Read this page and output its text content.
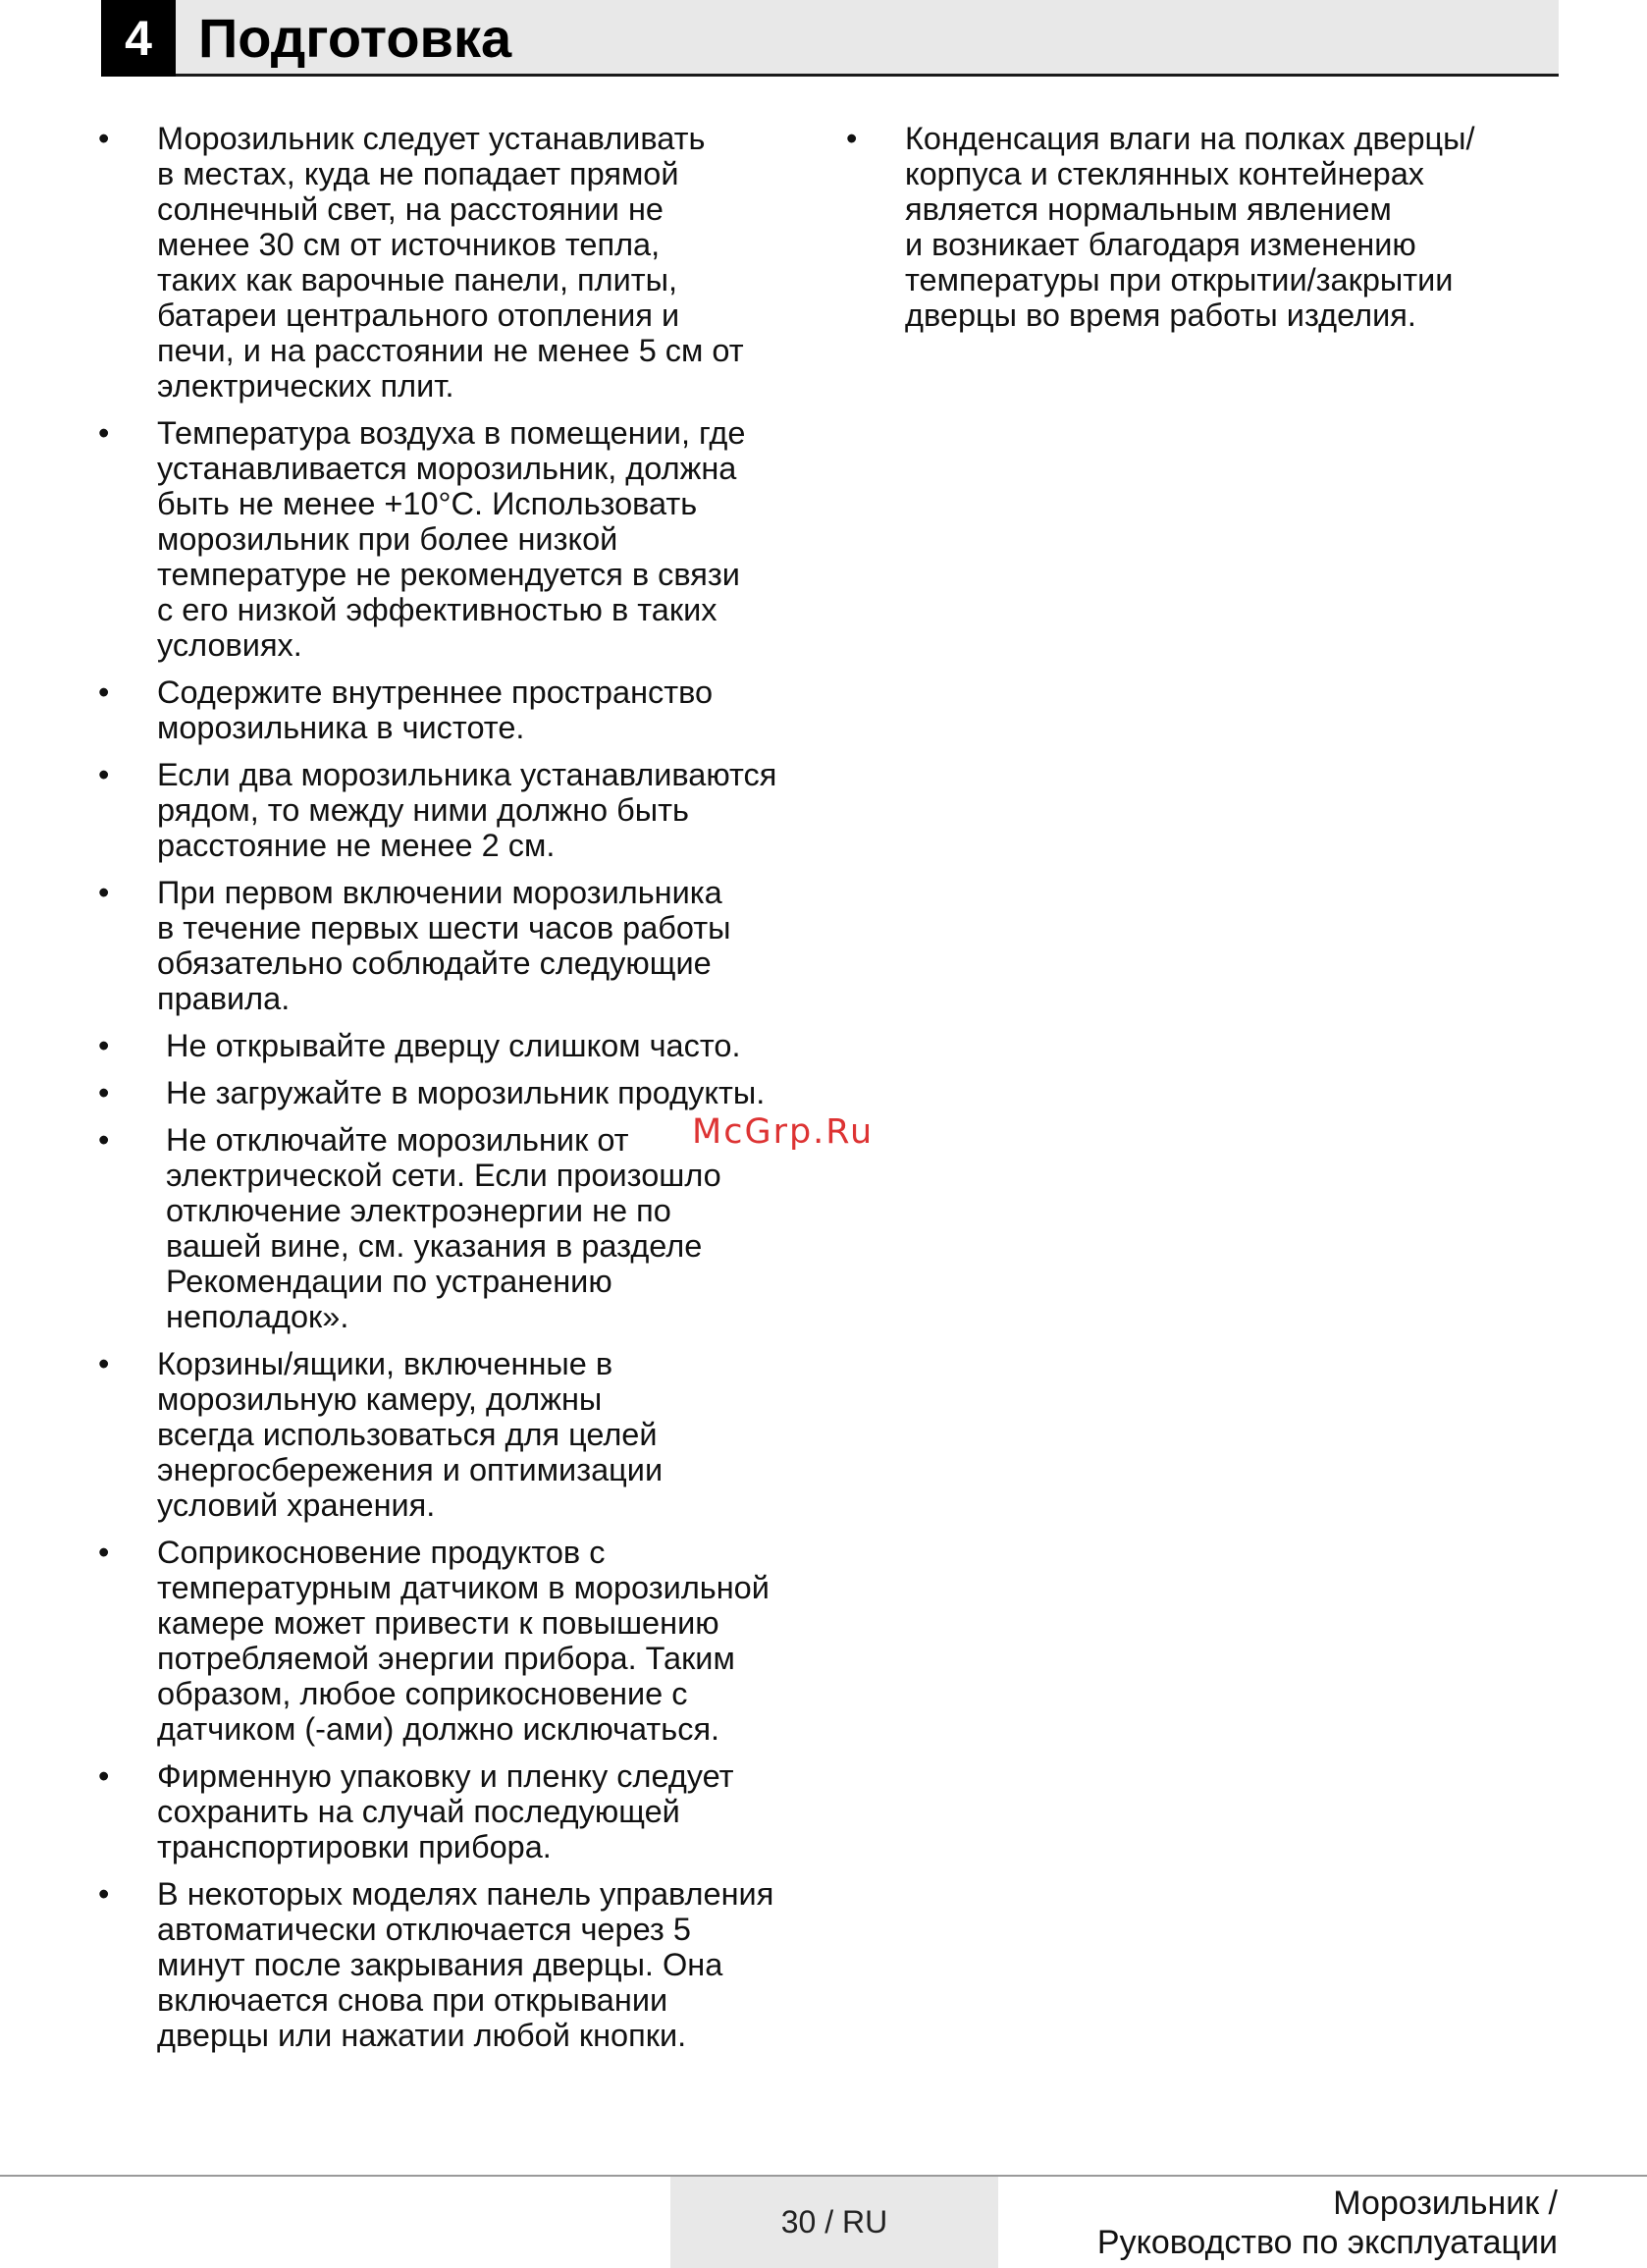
4 Подготовка
• Морозильник следует устанавливать
в местах, куда не попадает прямой
солнечный свет, на расстоянии не
менее 30 см от источников тепла,
таких как варочные панели, плиты,
батареи центрального отопления и
печи, и на расстоянии не менее 5 см от
электрических плит.
• Температура воздуха в помещении, где
устанавливается морозильник, должна
быть не менее +10°С. Использовать
морозильник при более низкой
температуре не рекомендуется в связи
с его низкой эффективностью в таких
условиях.
• Содержите внутреннее пространство
морозильника в чистоте.
• Если два морозильника устанавливаются
рядом, то между ними должно быть
расстояние не менее 2 см.
• При первом включении морозильника
в течение первых шести часов работы
обязательно соблюдайте следующие
правила.
• Не открывайте дверцу слишком часто.
• Не загружайте в морозильник продукты.
• Не отключайте морозильник от
электрической сети. Если произошло
отключение электроэнергии не по
вашей вине, см. указания в разделе
Рекомендации по устранению
неполадок».
• Корзины/ящики, включенные в
морозильную камеру, должны
всегда использоваться для целей
энергосбережения и оптимизации
условий хранения.
• Соприкосновение продуктов с
температурным датчиком в морозильной
камере может привести к повышению
потребляемой энергии прибора. Таким
образом, любое соприкосновение с
датчиком (-ами) должно исключаться.
• Фирменную упаковку и пленку следует
сохранить на случай последующей
транспортировки прибора.
• В некоторых моделях панель управления
автоматически отключается через 5
минут после закрывания дверцы. Она
включается снова при открывании
дверцы или нажатии любой кнопки.
• Конденсация влаги на полках дверцы/
корпуса и стеклянных контейнерах
является нормальным явлением
и возникает благодаря изменению
температуры при открытии/закрытии
дверцы во время работы изделия.
McGrp.Ru
30 / RU	Морозильник /
Руководство по эксплуатации
